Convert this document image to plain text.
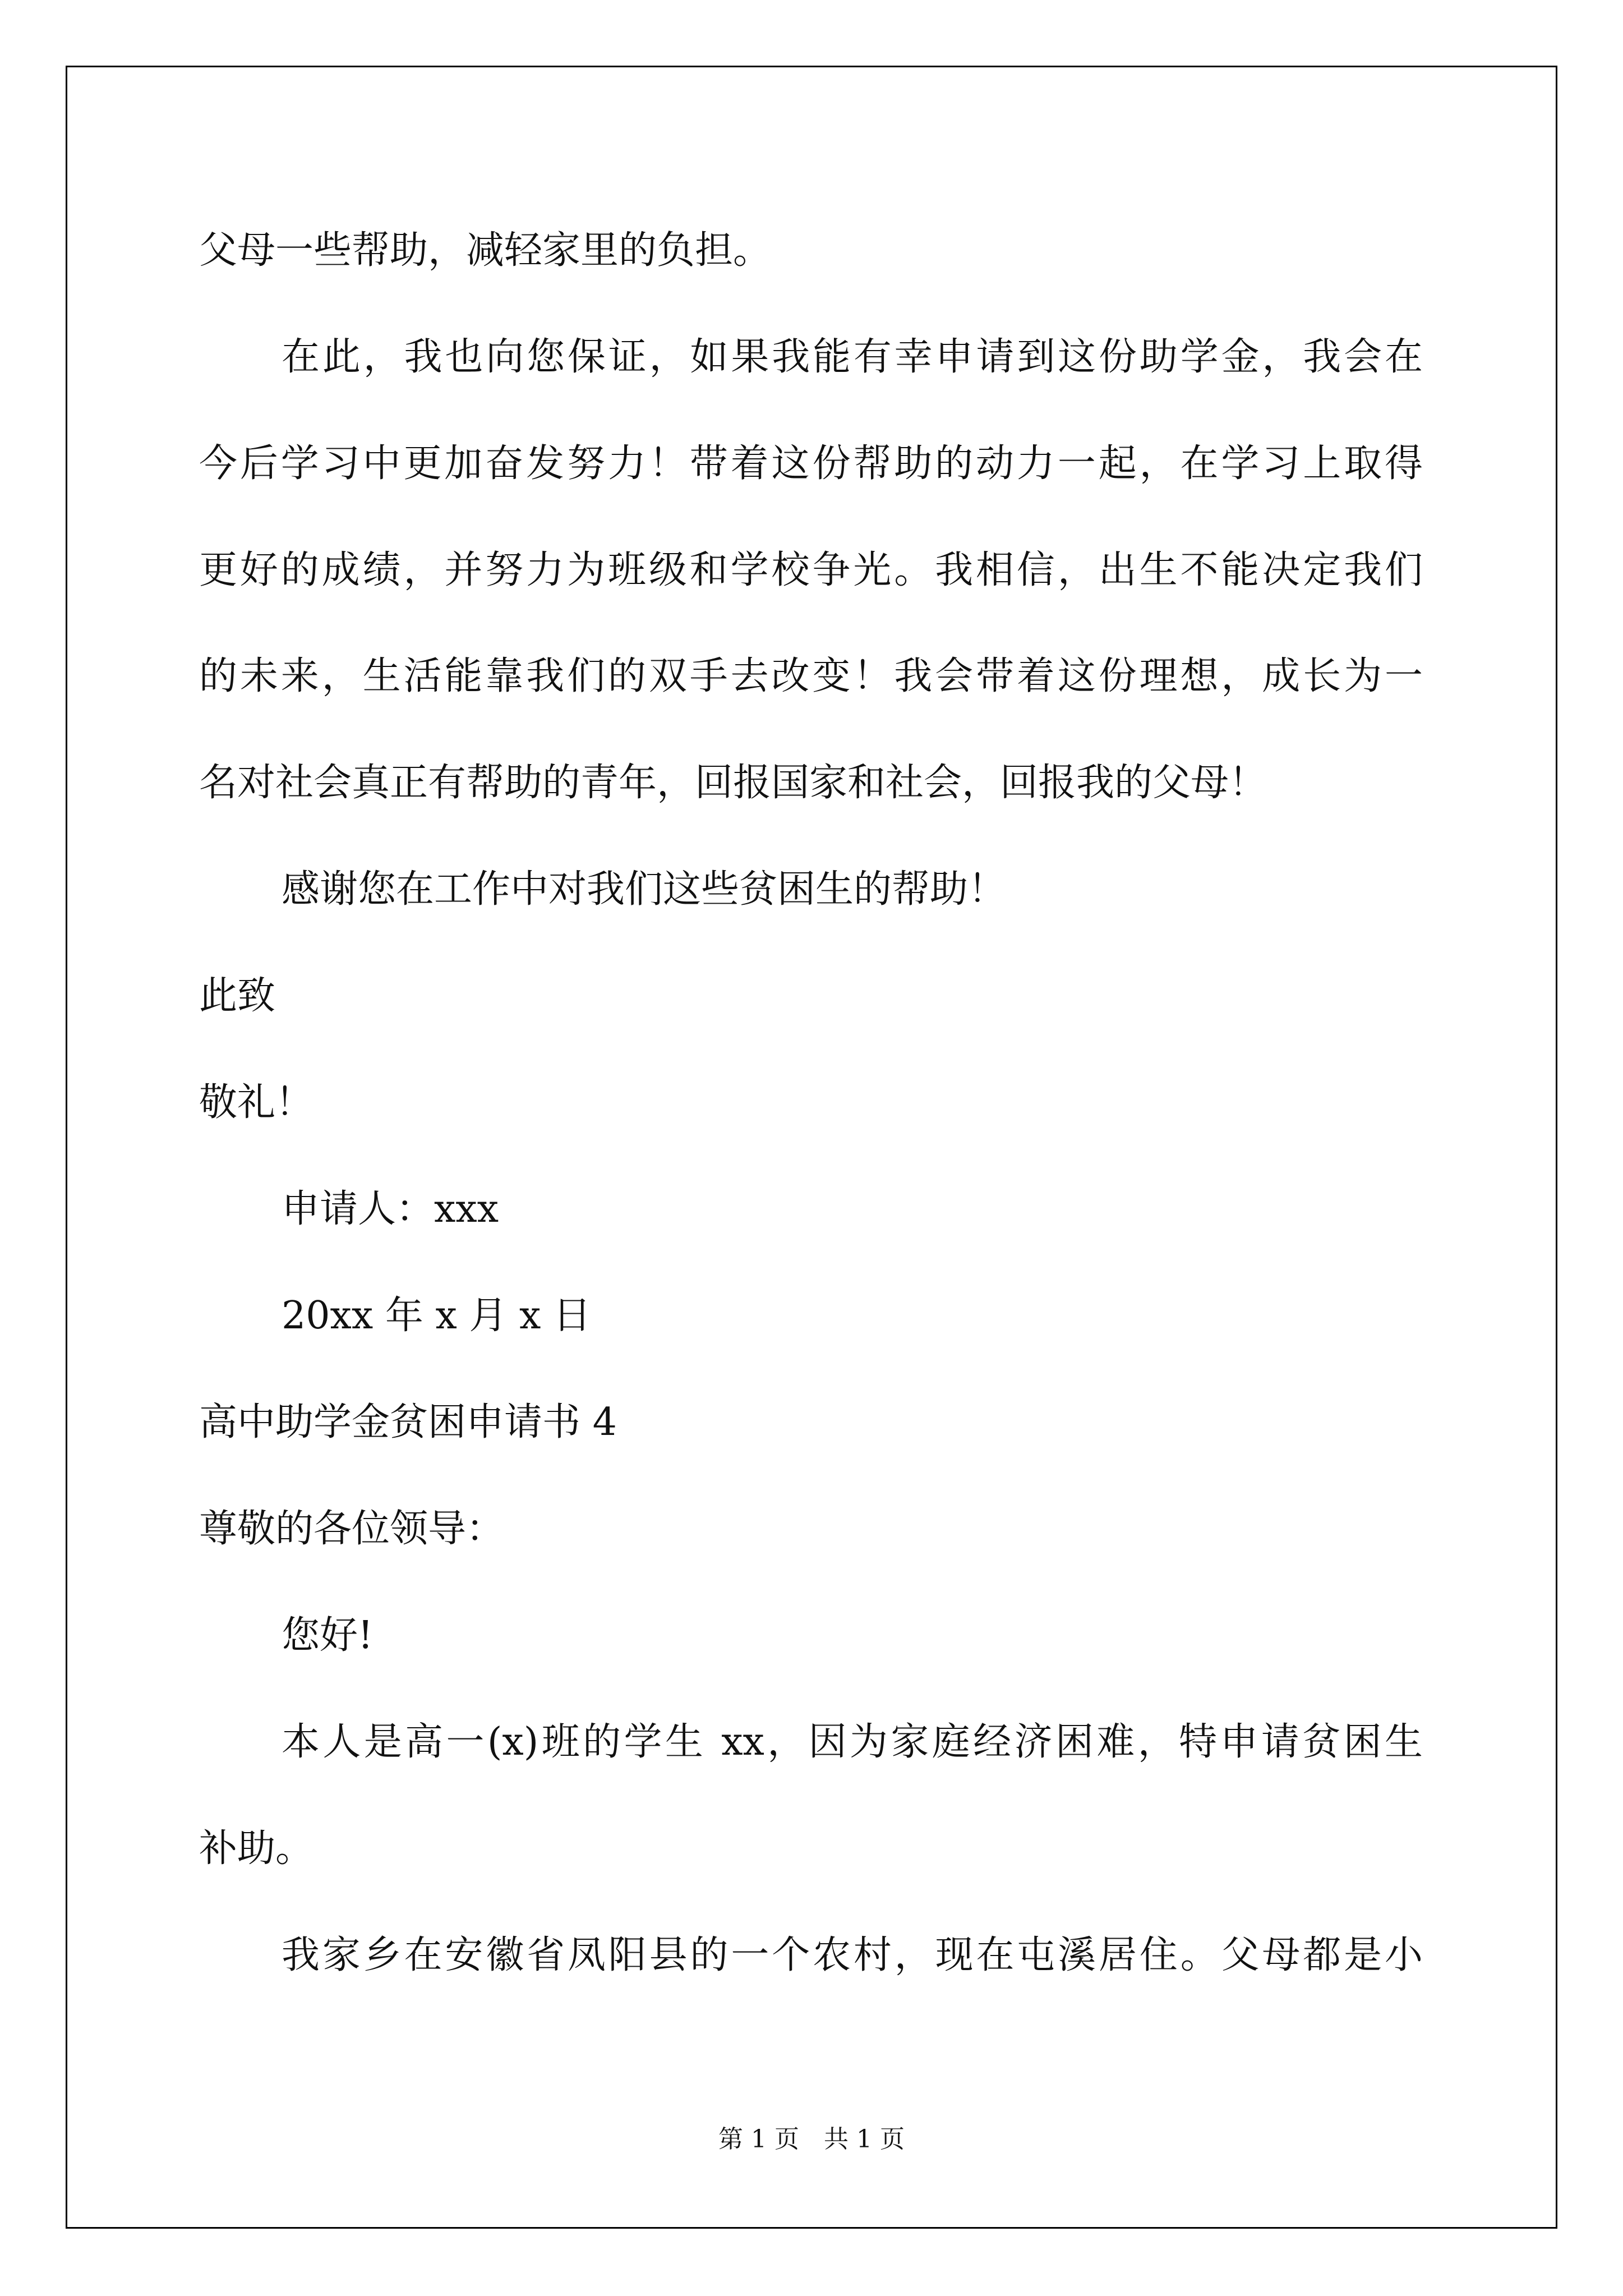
父母一些帮助，减轻家里的负担。
在此，我也向您保证，如果我能有幸申请到这份助学金，我会在
今后学习中更加奋发努力！带着这份帮助的动力一起，在学习上取得
更好的成绩，并努力为班级和学校争光。我相信，出生不能决定我们
的未来，生活能靠我们的双手去改变！我会带着这份理想，成长为一
名对社会真正有帮助的青年，回报国家和社会，回报我的父母！
感谢您在工作中对我们这些贫困生的帮助！
此致
敬礼！
申请人：xxx
20xx 年 x 月 x 日
高中助学金贫困申请书 4
尊敬的各位领导：
您好!
本人是高一(x)班的学生 xx，因为家庭经济困难，特申请贫困生
补助。
我家乡在安徽省凤阳县的一个农村，现在屯溪居住。父母都是小
第 1 页　共 1 页
